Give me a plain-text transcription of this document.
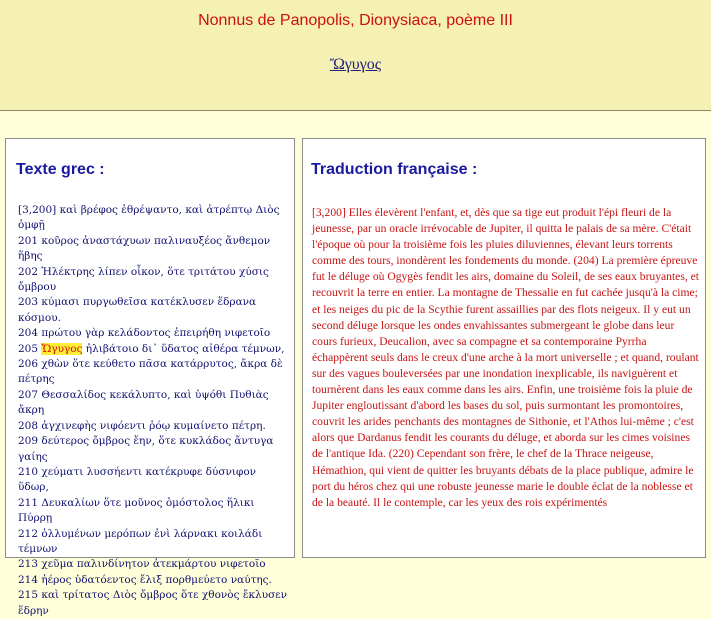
Nonnus de Panopolis, Dionysiaca, poème III
Ὤγυγος
Texte grec :
[3,200] καὶ βρέφος ἐθρέψαντο, καὶ ἀτρέπτῳ Διὸς ὀμφῇ
201 κοῦρος ἀναστάχυων παλιναυξέος ἄνθεμον ἥβης
202 Ἠλέκτρης λίπεν οἶκον, ὅτε τριτάτου χύσις ὄμβρου
203 κύμασι πυργωθεῖσα κατέκλυσεν ἕδρανα κόσμου.
204 πρώτου γὰρ κελάδοντος ἐπειρήθη νιφετοῖο
205 Ὤγυγος ἠλιβάτοιο δι᾽ ὕδατος αἰθέρα τέμνων,
206 χθὼν ὅτε κεύθετο πᾶσα κατάρρυτος, ἄκρα δὲ πέτρης
207 Θεσσαλίδος κεκάλυπτο, καὶ ὑψόθι Πυθιὰς ἄκρη
208 ἀγχινεφὴς νιφόεντι ῥόῳ κυμαίνετο πέτρη.
209 δεύτερος ὄμβρος ἔην, ὅτε κυκλάδος ἄντυγα γαίης
210 χεύματι λυσσήεντι κατέκρυφε δύσνιφον ὕδωρ,
211 Δευκαλίων ὅτε μοῦνος ὁμόστολος ἥλικι Πύρρῃ
212 ὀλλυμένων μερόπων ἐνὶ λάρνακι κοιλάδι τέμνων
213 χεῦμα παλινδίνητον ἀτεκμάρτου νιφετοῖο
214 ἠέρος ὑδατόεντος ἔλιξ πορθμεύετο ναύτης.
215 καὶ τρίτατος Διὸς ὄμβρος ὅτε χθονὸς ἔκλυσεν ἕδρην
Traduction française :

[3,200] Elles élevèrent l'enfant, et, dès que sa tige eut produit l'épi fleuri de la jeunesse, par un oracle irrévocable de Jupiter, il quitta le palais de sa mère. C'était l'époque où pour la troisième fois les pluies diluviennes, élevant leurs torrents comme des tours, inondèrent les fondements du monde. (204) La première épreuve fut le déluge où Ogygès fendit les airs, domaine du Soleil, de ses eaux bruyantes, et recouvrit la terre en entier. La montagne de Thessalie en fut cachée jusqu'à la cime; et les neiges du pic de la Scythie furent assaillies par des flots neigeux. Il y eut un second déluge lorsque les ondes envahissantes submergeant le globe dans leur cours furieux, Deucalion, avec sa compagne et sa contemporaine Pyrrha échappèrent seuls dans le creux d'une arche à la mort universelle ; et quand, roulant sur des vagues bouleversées par une inondation inexplicable, ils naviguèrent et tournèrent dans les eaux comme dans les airs. Enfin, une troisième fois la pluie de Jupiter engloutissant d'abord les bases du sol, puis surmontant les promontoires, couvrit les arides penchants des montagnes de Sithonie, et l'Athos lui-même ; c'est alors que Dardanus fendit les courants du déluge, et aborda sur les cimes voisines de l'antique Ida. (220) Cependant son frère, le chef de la Thrace neigeuse, Hémathion, qui vient de quitter les bruyants débats de la place publique, admire le port du héros chez qui une robuste jeunesse marie le double éclat de la noblesse et de la beauté. Il le contemple, car les yeux des rois expérimentés
